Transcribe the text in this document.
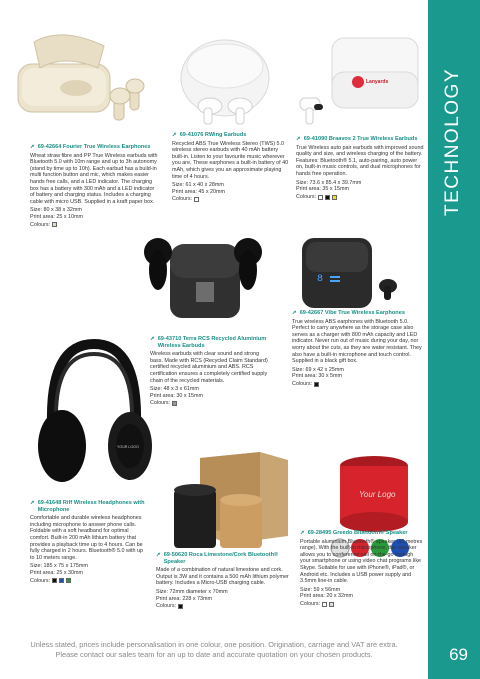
TECHNOLOGY
Lanyards
8
YOUR LOGO
Your Logo
➚ 69-42664 Fourier True Wireless Earphones
Wheat straw fibre and PP True Wireless earbuds with Bluetooth 5.0 with 10m range and up to 3h autonomy (stand by time up to 10h). Each earbud has a build-in multi function button and mic, which makes easier hands free calls, and a LED indicator. The charging box has a battery with 300 mAh and a LED indicator of battery and charging status. Includes a charging cable with micro USB. Supplied in a kraft paper box.
Size: 80 x 38 x 32mm
Print area: 25 x 10mm
Colours:
➚ 69-41076 RWing Earbuds
Recycled ABS True Wireless Stereo (TWS) 5.0 wireless stereo earbuds with 40 mAh battery built-in. Listen to your favourite music wherever you are. These earphones a built-in battery of 40 mAh, which gives you an approximate playing time of 4 hours.
Size: 61 x 40 x 28mm
Print area: 45 x 20mm
Colours:
➚ 69-41090 Braavos 2 True Wireless Earbuds
True Wireless auto pair earbuds with improved sound quality and size, and wireless charging of the battery. Features: Bluetooth® 5.1, auto-pairing, auto power on, built-in music controls, and dual microphones for hands free operation.
Size: 73.6 x 85.4 x 39.7mm
Print area: 35 x 15mm
Colours:
➚ 69-42667 Vibe True Wireless Earphones
True wireless ABS earphones with Bluetooth 5.0. Perfect to carry anywhere as the storage case also serves as a charger with 800 mAh capacity and LED indicator. Never run out of music during your day, nor worry about the cuts, as they are water resistant. They also have a built-in microphone and touch control. Supplied in a black gift box.
Size: 69 x 42 x 25mm
Print area: 30 x 5mm
Colours:
➚ 69-43710 Terra RCS Recycled Aluminium Wireless Earbuds
Wireless earbuds with clear sound and strong bass. Made with RCS (Recycled Claim Standard) certified recycled aluminium and ABS. RCS certification ensures a completely certified supply chain of the recycled materials.
Size: 48 x 3 x 61mm
Print area: 30 x 15mm
Colours:
➚ 69-41648 Riff Wireless Headphones with Microphone
Comfortable and durable wireless headphones including microphone to answer phone calls. Foldable with a soft headband for optimal comfort. Built-in 200 mAh lithium battery that provides a playback time up to 4 hours. Can be fully charged in 2 hours. Bluetooth® 5.0 with up to 10 meters range.
Size: 185 x 75 x 175mm
Print area: 25 x 30mm
Colours:
➚ 69-50620 Roca Limestone/Cork Bluetooth® Speaker
Made of a combination of natural limestone and cork. Output is 3W and it contains a 500 mAh lithium polymer battery. Includes a Micro-USB charging cable.
Size: 72mm diameter x 70mm
Print area: 228 x 73mm
Colours:
➚ 69-28495 Greedo Bluetooth® Speaker
Portable aluminium Bluetooth® speaker (10 metres range). With the built-in microphone, the speaker allows you to conference call on-the-go through your smartphone or using video chat programs like Skype. Suitable for use with iPhone®, iPad®, or Android etc. Includes a USB power supply and 3.5mm line-in cable.
Size: 59 x 56mm
Print area: 20 x 32mm
Colours:
Unless stated, prices include personalisation in one colour, one position. Origination, carriage and VAT are extra.
Please contact our sales team for an up to date and accurate quotation on your chosen products.	69
